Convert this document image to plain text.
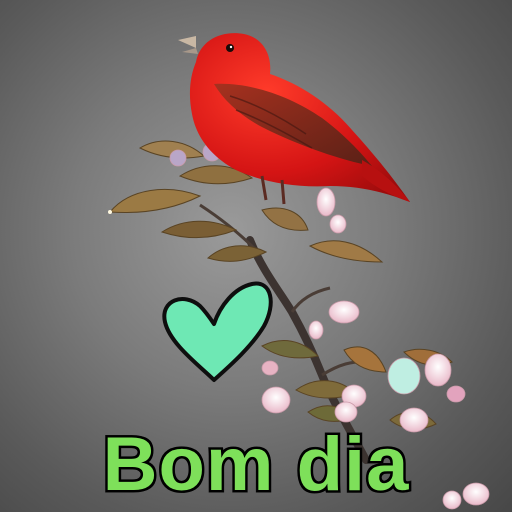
Bom dia
